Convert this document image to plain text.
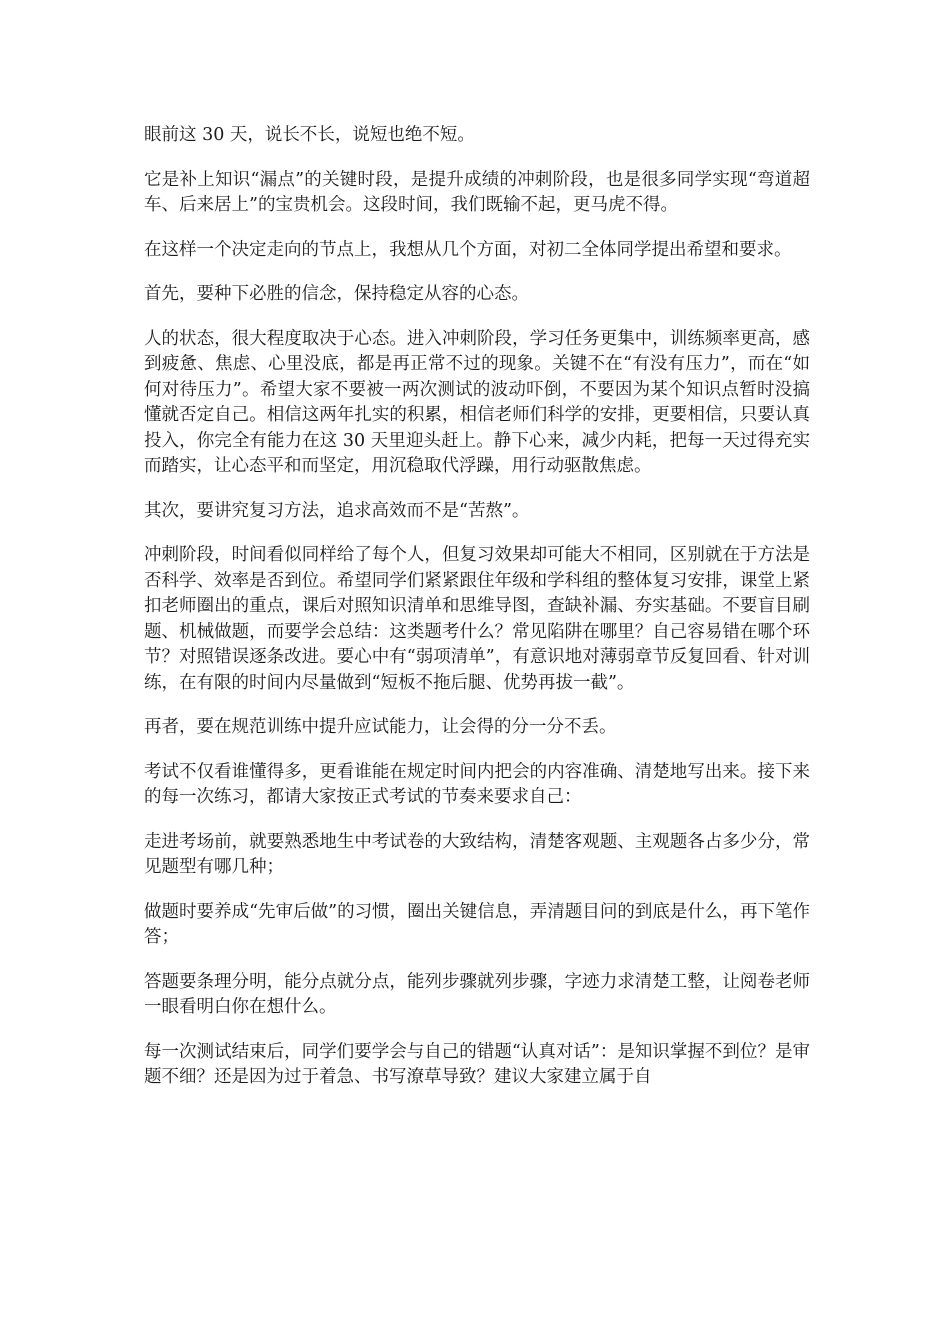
眼前这 30 天，说长不长，说短也绝不短。

它是补上知识“漏点”的关键时段，是提升成绩的冲刺阶段，也是很多同学实现“弯道超车、后来居上”的宝贵机会。这段时间，我们既输不起，更马虎不得。

在这样一个决定走向的节点上，我想从几个方面，对初二全体同学提出希望和要求。

首先，要种下必胜的信念，保持稳定从容的心态。

人的状态，很大程度取决于心态。进入冲刺阶段，学习任务更集中，训练频率更高，感到疲惫、焦虑、心里没底，都是再正常不过的现象。关键不在“有没有压力”，而在“如何对待压力”。希望大家不要被一两次测试的波动吓倒，不要因为某个知识点暂时没搞懂就否定自己。相信这两年扎实的积累，相信老师们科学的安排，更要相信，只要认真投入，你完全有能力在这 30 天里迎头赶上。静下心来，减少内耗，把每一天过得充实而踏实，让心态平和而坚定，用沉稳取代浮躁，用行动驱散焦虑。

其次，要讲究复习方法，追求高效而不是“苦熬”。

冲刺阶段，时间看似同样给了每个人，但复习效果却可能大不相同，区别就在于方法是否科学、效率是否到位。希望同学们紧紧跟住年级和学科组的整体复习安排，课堂上紧扣老师圈出的重点，课后对照知识清单和思维导图，查缺补漏、夯实基础。不要盲目刷题、机械做题，而要学会总结：这类题考什么？常见陷阱在哪里？自己容易错在哪个环节？对照错误逐条改进。要心中有“弱项清单”，有意识地对薄弱章节反复回看、针对训练，在有限的时间内尽量做到“短板不拖后腿、优势再拔一截”。

再者，要在规范训练中提升应试能力，让会得的分一分不丢。

考试不仅看谁懂得多，更看谁能在规定时间内把会的内容准确、清楚地写出来。接下来的每一次练习，都请大家按正式考试的节奏来要求自己：

走进考场前，就要熟悉地生中考试卷的大致结构，清楚客观题、主观题各占多少分，常见题型有哪几种；

做题时要养成“先审后做”的习惯，圈出关键信息，弄清题目问的到底是什么，再下笔作答；

答题要条理分明，能分点就分点，能列步骤就列步骤，字迹力求清楚工整，让阅卷老师一眼看明白你在想什么。

每一次测试结束后，同学们要学会与自己的错题“认真对话”：是知识掌握不到位？是审题不细？还是因为过于着急、书写潦草导致？建议大家建立属于自
